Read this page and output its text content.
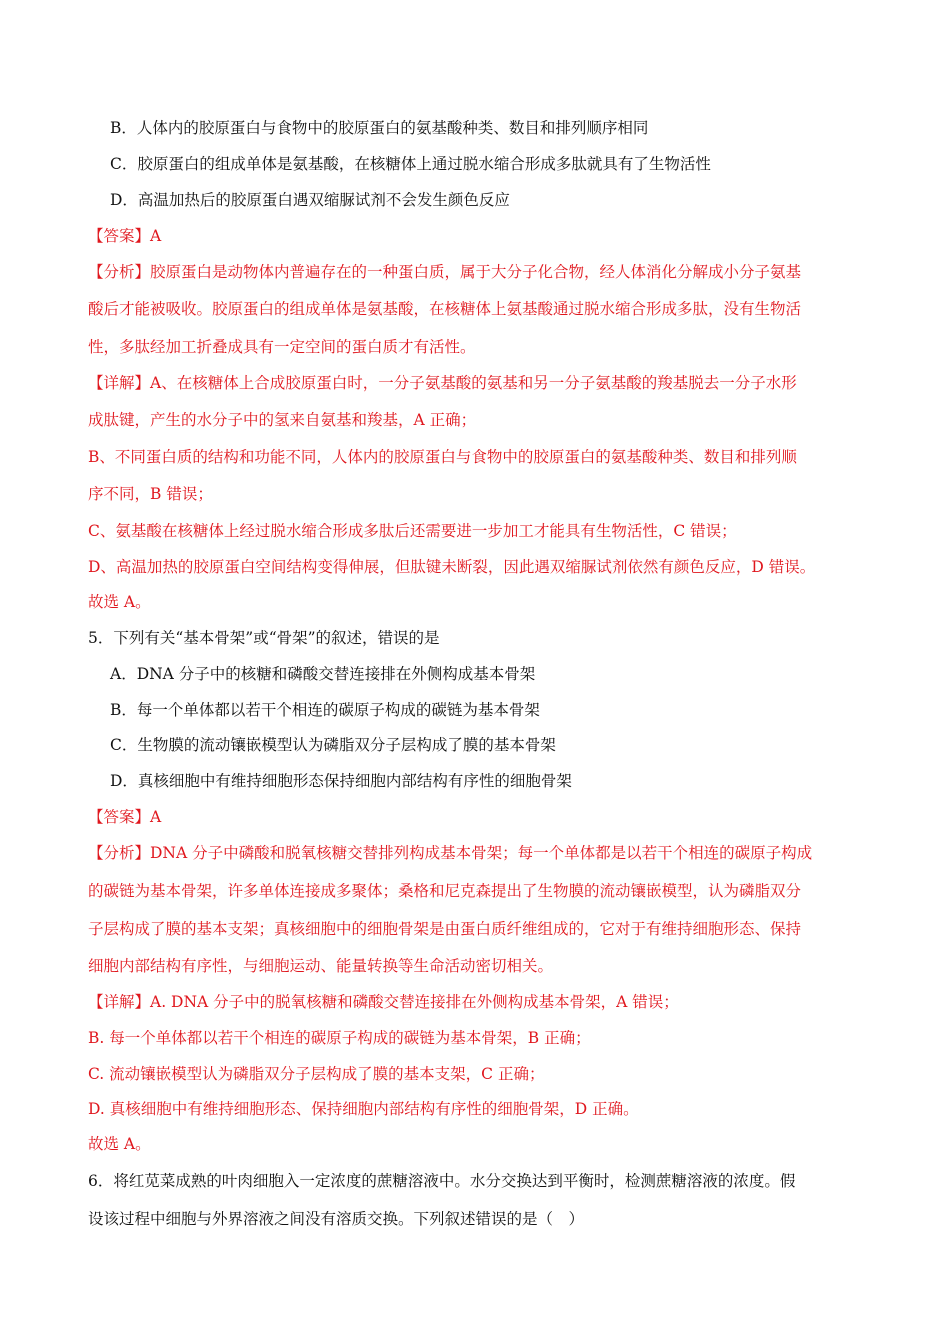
B．人体内的胶原蛋白与食物中的胶原蛋白的氨基酸种类、数目和排列顺序相同
C．胶原蛋白的组成单体是氨基酸，在核糖体上通过脱水缩合形成多肽就具有了生物活性
D．高温加热后的胶原蛋白遇双缩脲试剂不会发生颜色反应
【答案】A
【分析】胶原蛋白是动物体内普遍存在的一种蛋白质，属于大分子化合物，经人体消化分解成小分子氨基
酸后才能被吸收。胶原蛋白的组成单体是氨基酸，在核糖体上氨基酸通过脱水缩合形成多肽，没有生物活
性，多肽经加工折叠成具有一定空间的蛋白质才有活性。
【详解】A、在核糖体上合成胶原蛋白时，一分子氨基酸的氨基和另一分子氨基酸的羧基脱去一分子水形
成肽键，产生的水分子中的氢来自氨基和羧基，A 正确；
B、不同蛋白质的结构和功能不同，人体内的胶原蛋白与食物中的胶原蛋白的氨基酸种类、数目和排列顺
序不同，B 错误；
C、氨基酸在核糖体上经过脱水缩合形成多肽后还需要进一步加工才能具有生物活性，C 错误；
D、高温加热的胶原蛋白空间结构变得伸展，但肽键未断裂，因此遇双缩脲试剂依然有颜色反应，D 错误。
故选 A。
5．下列有关“基本骨架”或“骨架”的叙述，错误的是
A．DNA 分子中的核糖和磷酸交替连接排在外侧构成基本骨架
B．每一个单体都以若干个相连的碳原子构成的碳链为基本骨架
C．生物膜的流动镶嵌模型认为磷脂双分子层构成了膜的基本骨架
D．真核细胞中有维持细胞形态保持细胞内部结构有序性的细胞骨架
【答案】A
【分析】DNA 分子中磷酸和脱氧核糖交替排列构成基本骨架；每一个单体都是以若干个相连的碳原子构成
的碳链为基本骨架，许多单体连接成多聚体；桑格和尼克森提出了生物膜的流动镶嵌模型，认为磷脂双分
子层构成了膜的基本支架；真核细胞中的细胞骨架是由蛋白质纤维组成的，它对于有维持细胞形态、保持
细胞内部结构有序性，与细胞运动、能量转换等生命活动密切相关。
【详解】A. DNA 分子中的脱氧核糖和磷酸交替连接排在外侧构成基本骨架，A 错误；
B. 每一个单体都以若干个相连的碳原子构成的碳链为基本骨架，B 正确；
C. 流动镶嵌模型认为磷脂双分子层构成了膜的基本支架，C 正确；
D. 真核细胞中有维持细胞形态、保持细胞内部结构有序性的细胞骨架，D 正确。
故选 A。
6．将红苋菜成熟的叶肉细胞入一定浓度的蔗糖溶液中。水分交换达到平衡时，检测蔗糖溶液的浓度。假
设该过程中细胞与外界溶液之间没有溶质交换。下列叙述错误的是（　）
